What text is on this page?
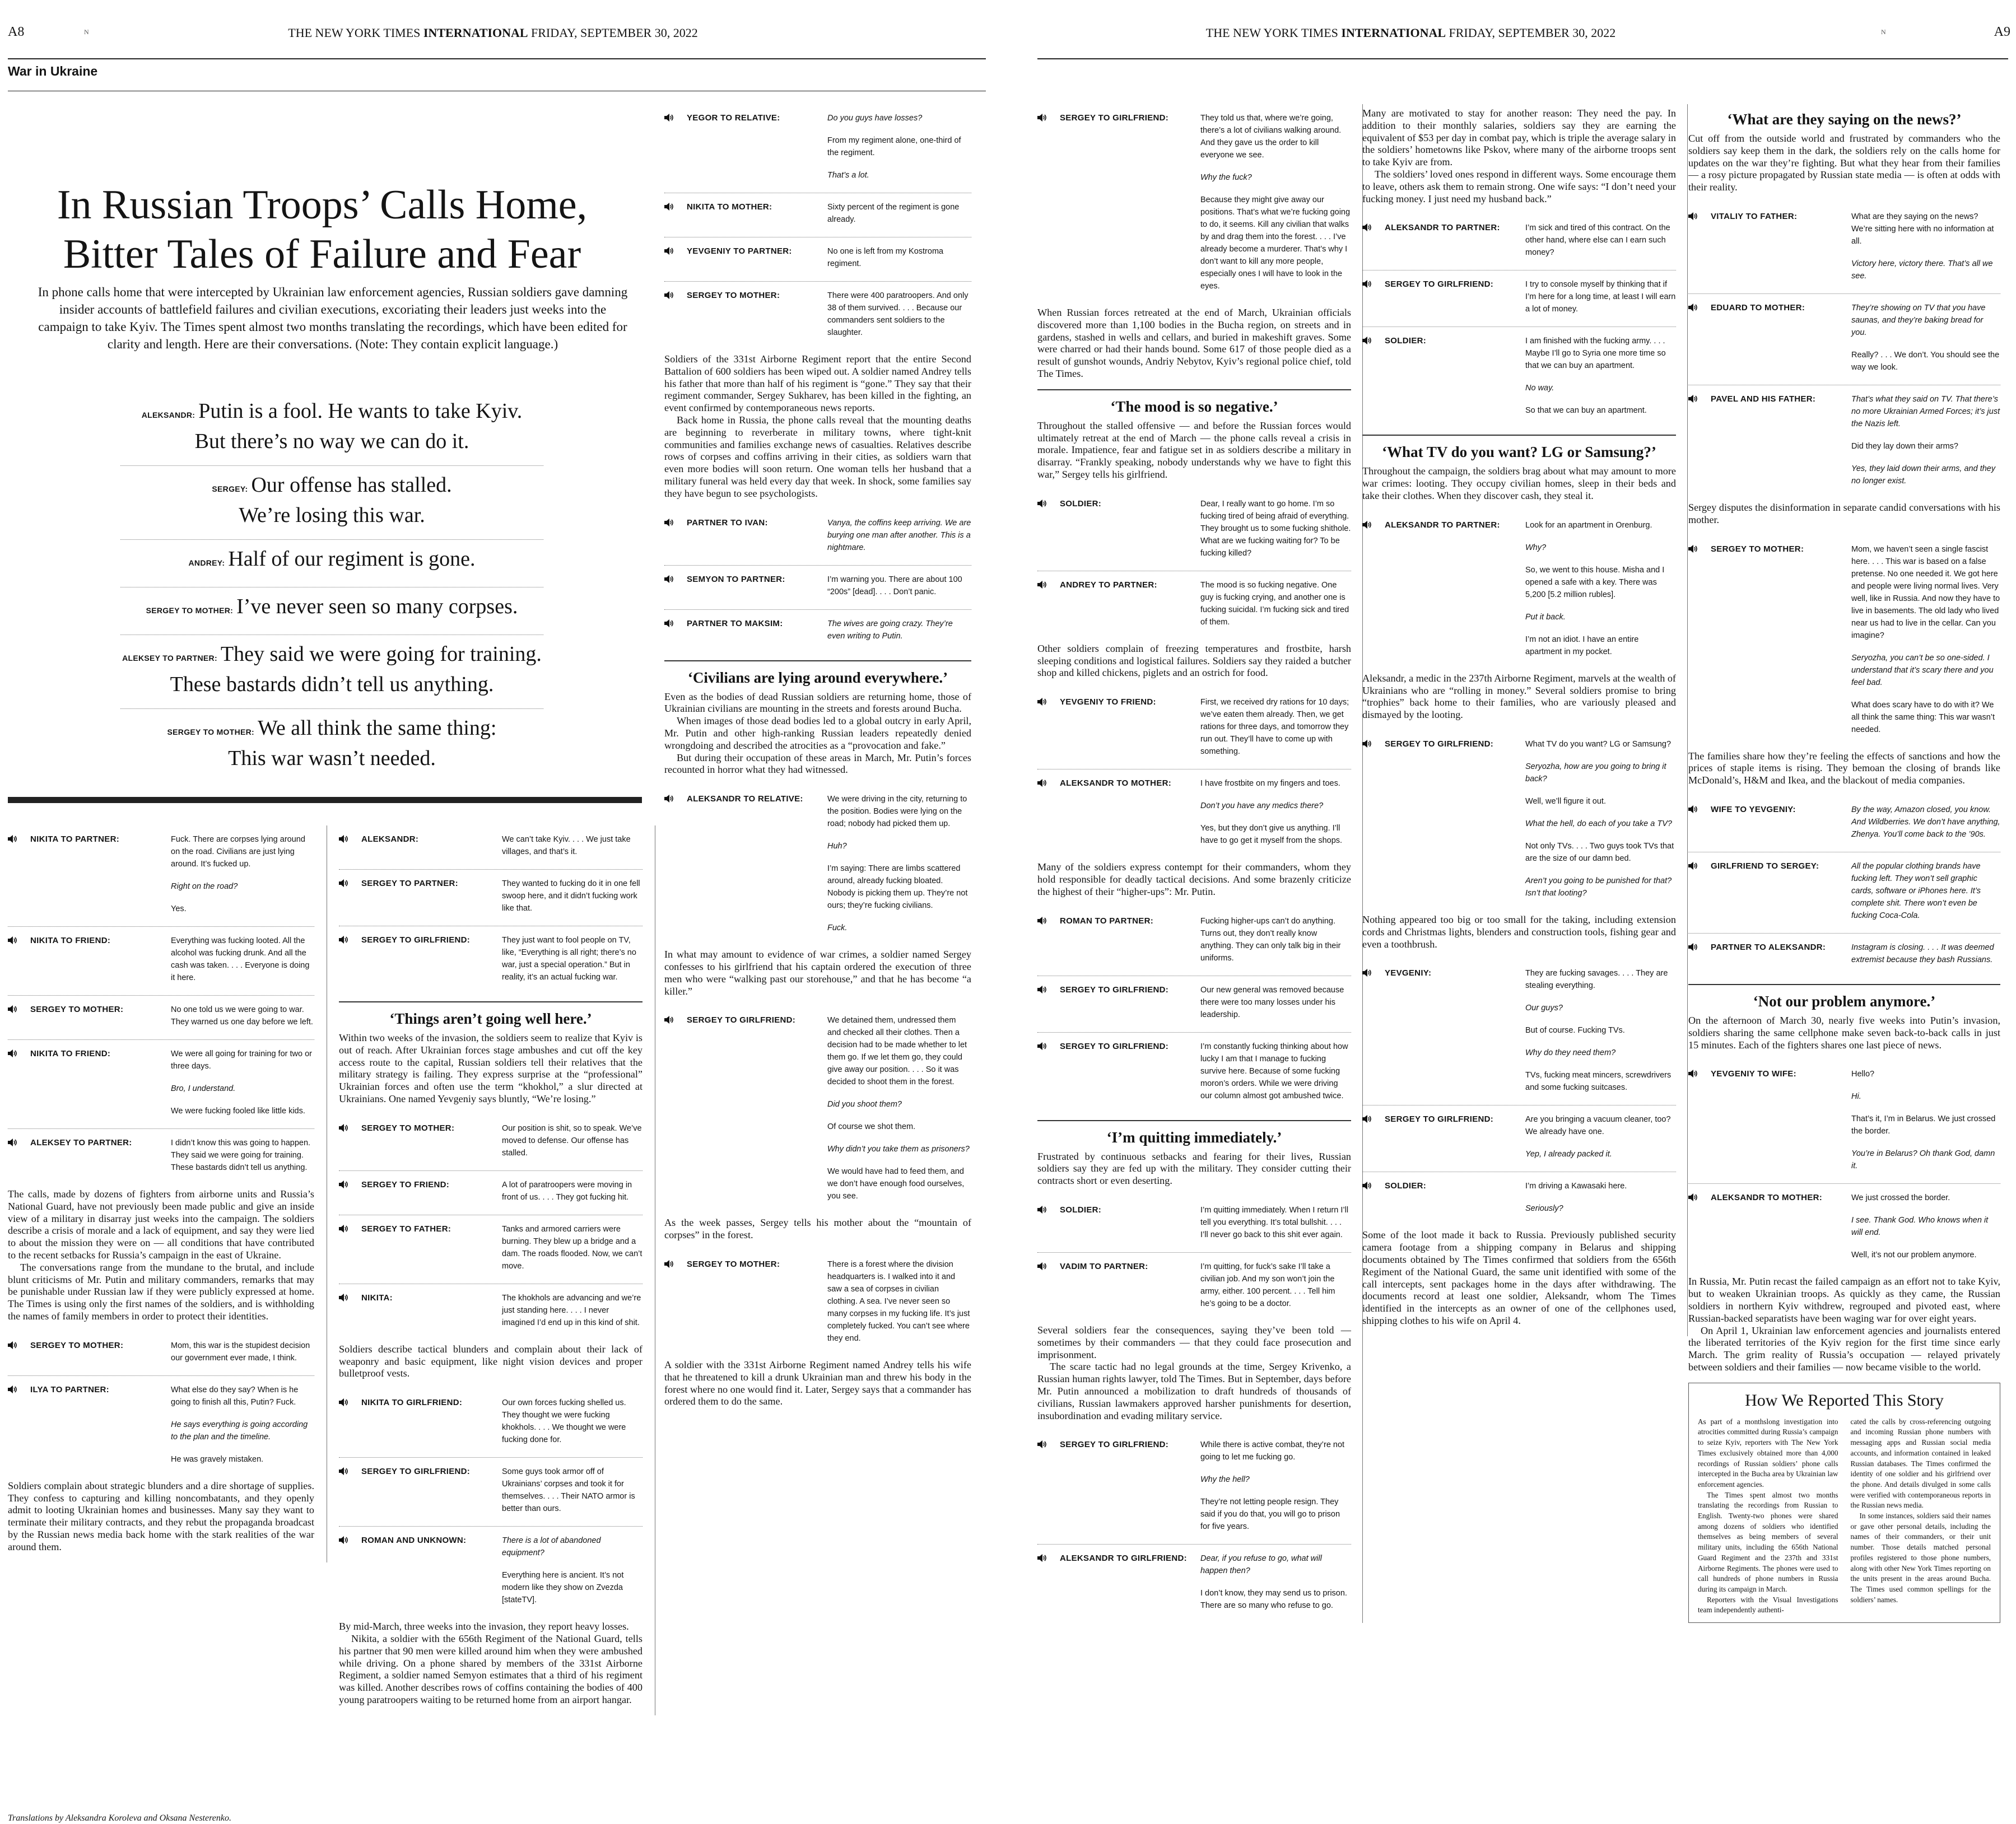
A8	N	THE NEW YORK TIMES INTERNATIONAL FRIDAY, SEPTEMBER 30, 2022
War in Ukraine
In Russian Troops’ Calls Home,
Bitter Tales of Failure and Fear

In phone calls home that were intercepted by Ukrainian law enforcement agencies, Russian soldiers gave damning insider accounts of battlefield failures and civilian executions, excoriating their leaders just weeks into the campaign to take Kyiv. The Times spent almost two months translating the recordings, which have been edited for clarity and length. Here are their conversations. (Note: They contain explicit language.)

ALEKSANDR: Putin is a fool. He wants to take Kyiv.
But there’s no way we can do it.
SERGEY: Our offense has stalled.
We’re losing this war.
ANDREY: Half of our regiment is gone.
SERGEY TO MOTHER: I’ve never seen so many corpses.
ALEKSEY TO PARTNER: They said we were going for training.
These bastards didn’t tell us anything.
SERGEY TO MOTHER: We all think the same thing:
This war wasn’t needed.
NIKITA TO PARTNER:	Fuck. There are corpses lying around on the road. Civilians are just lying around. It’s fucked up.

Right on the road?

Yes.

NIKITA TO FRIEND:	Everything was fucking looted. All the alcohol was fucking drunk. And all the cash was taken. . . . Everyone is doing it here.

SERGEY TO MOTHER:	No one told us we were going to war. They warned us one day before we left.

NIKITA TO FRIEND:	We were all going for training for two or three days.

Bro, I understand.

We were fucking fooled like little kids.

ALEKSEY TO PARTNER:	I didn’t know this was going to happen. They said we were going for training. These bastards didn’t tell us anything.

The calls, made by dozens of fighters from airborne units and Russia’s National Guard, have not previously been made public and give an inside view of a military in disarray just weeks into the campaign. The soldiers describe a crisis of morale and a lack of equipment, and say they were lied to about the mission they were on — all conditions that have contributed to the recent setbacks for Russia’s campaign in the east of Ukraine.

The conversations range from the mundane to the brutal, and include blunt criticisms of Mr. Putin and military commanders, remarks that may be punishable under Russian law if they were publicly expressed at home. The Times is using only the first names of the soldiers, and is withholding the names of family members in order to protect their identities.

SERGEY TO MOTHER:	Mom, this war is the stupidest decision our government ever made, I think.

ILYA TO PARTNER:	What else do they say? When is he going to finish all this, Putin? Fuck.

He says everything is going according to the plan and the timeline.

He was gravely mistaken.

Soldiers complain about strategic blunders and a dire shortage of supplies. They confess to capturing and killing noncombatants, and they openly admit to looting Ukrainian homes and businesses. Many say they want to terminate their military contracts, and they rebut the propaganda broadcast by the Russian news media back home with the stark realities of the war around them.

ALEKSANDR:	We can’t take Kyiv. . . . We just take villages, and that’s it.

SERGEY TO PARTNER:	They wanted to fucking do it in one fell swoop here, and it didn’t fucking work like that.

SERGEY TO GIRLFRIEND:	They just want to fool people on TV, like, “Everything is all right; there’s no war, just a special operation.” But in reality, it’s an actual fucking war.

‘Things aren’t going well here.’

Within two weeks of the invasion, the soldiers seem to realize that Kyiv is out of reach. After Ukrainian forces stage ambushes and cut off the key access route to the capital, Russian soldiers tell their relatives that the military strategy is failing. They express surprise at the “professional” Ukrainian forces and often use the term “khokhol,” a slur directed at Ukrainians. One named Yevgeniy says bluntly, “We’re losing.”

SERGEY TO MOTHER:	Our position is shit, so to speak. We’ve moved to defense. Our offense has stalled.

SERGEY TO FRIEND:	A lot of paratroopers were moving in front of us. . . . They got fucking hit.

SERGEY TO FATHER:	Tanks and armored carriers were burning. They blew up a bridge and a dam. The roads flooded. Now, we can’t move.

NIKITA:	The khokhols are advancing and we’re just standing here. . . . I never imagined I’d end up in this kind of shit.

Soldiers describe tactical blunders and complain about their lack of weaponry and basic equipment, like night vision devices and proper bulletproof vests.

NIKITA TO GIRLFRIEND:	Our own forces fucking shelled us. They thought we were fucking khokhols. . . . We thought we were fucking done for.

SERGEY TO GIRLFRIEND:	Some guys took armor off of Ukrainians’ corpses and took it for themselves. . . . Their NATO armor is better than ours.

ROMAN AND UNKNOWN:	There is a lot of abandoned equipment?

Everything here is ancient. It’s not modern like they show on Zvezda [stateTV].

By mid-March, three weeks into the invasion, they report heavy losses.

Nikita, a soldier with the 656th Regiment of the National Guard, tells his partner that 90 men were killed around him when they were ambushed while driving. On a phone shared by members of the 331st Airborne Regiment, a soldier named Semyon estimates that a third of his regiment was killed. Another describes rows of coffins containing the bodies of 400 young paratroopers waiting to be returned home from an airport hangar.

YEGOR TO RELATIVE:	Do you guys have losses?

From my regiment alone, one-third of the regiment.

That’s a lot.

NIKITA TO MOTHER:	Sixty percent of the regiment is gone already.

YEVGENIY TO PARTNER:	No one is left from my Kostroma regiment.

SERGEY TO MOTHER:	There were 400 paratroopers. And only 38 of them survived. . . . Because our commanders sent soldiers to the slaughter.

Soldiers of the 331st Airborne Regiment report that the entire Second Battalion of 600 soldiers has been wiped out. A soldier named Andrey tells his father that more than half of his regiment is “gone.” They say that their regiment commander, Sergey Sukharev, has been killed in the fighting, an event confirmed by contemporaneous news reports.

Back home in Russia, the phone calls reveal that the mounting deaths are beginning to reverberate in military towns, where tight-knit communities and families exchange news of casualties. Relatives describe rows of corpses and coffins arriving in their cities, as soldiers warn that even more bodies will soon return. One woman tells her husband that a military funeral was held every day that week. In shock, some families say they have begun to see psychologists.

PARTNER TO IVAN:	Vanya, the coffins keep arriving. We are burying one man after another. This is a nightmare.

SEMYON TO PARTNER:	I’m warning you. There are about 100 “200s” [dead]. . . . Don’t panic.

PARTNER TO MAKSIM:	The wives are going crazy. They’re even writing to Putin.

‘Civilians are lying around everywhere.’

Even as the bodies of dead Russian soldiers are returning home, those of Ukrainian civilians are mounting in the streets and forests around Bucha.

When images of those dead bodies led to a global outcry in early April, Mr. Putin and other high-ranking Russian leaders repeatedly denied wrongdoing and described the atrocities as a “provocation and fake.”

But during their occupation of these areas in March, Mr. Putin’s forces recounted in horror what they had witnessed.

ALEKSANDR TO RELATIVE:	We were driving in the city, returning to the position. Bodies were lying on the road; nobody had picked them up.

Huh?

I’m saying: There are limbs scattered around, already fucking bloated. Nobody is picking them up. They’re not ours; they’re fucking civilians.

Fuck.

In what may amount to evidence of war crimes, a soldier named Sergey confesses to his girlfriend that his captain ordered the execution of three men who were “walking past our storehouse,” and that he has become “a killer.”

SERGEY TO GIRLFRIEND:	We detained them, undressed them and checked all their clothes. Then a decision had to be made whether to let them go. If we let them go, they could give away our position. . . . So it was decided to shoot them in the forest.

Did you shoot them?

Of course we shot them.

Why didn’t you take them as prisoners?

We would have had to feed them, and we don’t have enough food ourselves, you see.

As the week passes, Sergey tells his mother about the “mountain of corpses” in the forest.

SERGEY TO MOTHER:	There is a forest where the division headquarters is. I walked into it and saw a sea of corpses in civilian clothing. A sea. I’ve never seen so many corpses in my fucking life. It’s just completely fucked. You can’t see where they end.

A soldier with the 331st Airborne Regiment named Andrey tells his wife that he threatened to kill a drunk Ukrainian man and threw his body in the forest where no one would find it. Later, Sergey says that a commander has ordered them to do the same.

Translations by Aleksandra Koroleva and Oksana Nesterenko.
THE NEW YORK TIMES INTERNATIONAL FRIDAY, SEPTEMBER 30, 2022	N	A9
SERGEY TO GIRLFRIEND:	They told us that, where we’re going, there’s a lot of civilians walking around. And they gave us the order to kill everyone we see.

Why the fuck?

Because they might give away our positions. That’s what we’re fucking going to do, it seems. Kill any civilian that walks by and drag them into the forest. . . . I’ve already become a murderer. That’s why I don’t want to kill any more people, especially ones I will have to look in the eyes.

When Russian forces retreated at the end of March, Ukrainian officials discovered more than 1,100 bodies in the Bucha region, on streets and in gardens, stashed in wells and cellars, and buried in makeshift graves. Some were charred or had their hands bound. Some 617 of those people died as a result of gunshot wounds, Andriy Nebytov, Kyiv’s regional police chief, told The Times.

‘The mood is so negative.’

Throughout the stalled offensive — and before the Russian forces would ultimately retreat at the end of March — the phone calls reveal a crisis in morale. Impatience, fear and fatigue set in as soldiers describe a military in disarray. “Frankly speaking, nobody understands why we have to fight this war,” Sergey tells his girlfriend.

SOLDIER:	Dear, I really want to go home. I’m so fucking tired of being afraid of everything. They brought us to some fucking shithole. What are we fucking waiting for? To be fucking killed?

ANDREY TO PARTNER:	The mood is so fucking negative. One guy is fucking crying, and another one is fucking suicidal. I’m fucking sick and tired of them.

Other soldiers complain of freezing temperatures and frostbite, harsh sleeping conditions and logistical failures. Soldiers say they raided a butcher shop and killed chickens, piglets and an ostrich for food.

YEVGENIY TO FRIEND:	First, we received dry rations for 10 days; we’ve eaten them already. Then, we get rations for three days, and tomorrow they run out. They’ll have to come up with something.

ALEKSANDR TO MOTHER:	I have frostbite on my fingers and toes.

Don’t you have any medics there?

Yes, but they don’t give us anything. I’ll have to go get it myself from the shops.

Many of the soldiers express contempt for their commanders, whom they hold responsible for deadly tactical decisions. And some brazenly criticize the highest of their “higher-ups”: Mr. Putin.

ROMAN TO PARTNER:	Fucking higher-ups can’t do anything. Turns out, they don’t really know anything. They can only talk big in their uniforms.

SERGEY TO GIRLFRIEND:	Our new general was removed because there were too many losses under his leadership.

SERGEY TO GIRLFRIEND:	I’m constantly fucking thinking about how lucky I am that I manage to fucking survive here. Because of some fucking moron’s orders. While we were driving our column almost got ambushed twice.

‘I’m quitting immediately.’

Frustrated by continuous setbacks and fearing for their lives, Russian soldiers say they are fed up with the military. They consider cutting their contracts short or even deserting.

SOLDIER:	I’m quitting immediately. When I return I’ll tell you everything. It’s total bullshit. . . . I’ll never go back to this shit ever again.

VADIM TO PARTNER:	I’m quitting, for fuck’s sake I’ll take a civilian job. And my son won’t join the army, either. 100 percent. . . . Tell him he’s going to be a doctor.

Several soldiers fear the consequences, saying they’ve been told — sometimes by their commanders — that they could face prosecution and imprisonment.

The scare tactic had no legal grounds at the time, Sergey Krivenko, a Russian human rights lawyer, told The Times. But in September, days before Mr. Putin announced a mobilization to draft hundreds of thousands of civilians, Russian lawmakers approved harsher punishments for desertion, insubordination and evading military service.

SERGEY TO GIRLFRIEND:	While there is active combat, they’re not going to let me fucking go.

Why the hell?

They’re not letting people resign. They said if you do that, you will go to prison for five years.

ALEKSANDR TO GIRLFRIEND: Dear, if you refuse to go, what will happen then?

I don’t know, they may send us to prison. There are so many who refuse to go.

Many are motivated to stay for another reason: They need the pay. In addition to their monthly salaries, soldiers say they are earning the equivalent of $53 per day in combat pay, which is triple the average salary in the soldiers’ hometowns like Pskov, where many of the airborne troops sent to take Kyiv are from.

The soldiers’ loved ones respond in different ways. Some encourage them to leave, others ask them to remain strong. One wife says: “I don’t need your fucking money. I just need my husband back.”

ALEKSANDR TO PARTNER:	I’m sick and tired of this contract. On the other hand, where else can I earn such money?

SERGEY TO GIRLFRIEND:	I try to console myself by thinking that if I’m here for a long time, at least I will earn a lot of money.

SOLDIER:	I am finished with the fucking army. . . . Maybe I’ll go to Syria one more time so that we can buy an apartment.

No way.

So that we can buy an apartment.

‘What TV do you want? LG or Samsung?’

Throughout the campaign, the soldiers brag about what may amount to more war crimes: looting. They occupy civilian homes, sleep in their beds and take their clothes. When they discover cash, they steal it.

ALEKSANDR TO PARTNER:	Look for an apartment in Orenburg.

Why?

So, we went to this house. Misha and I opened a safe with a key. There was 5,200 [5.2 million rubles].

Put it back.

I’m not an idiot. I have an entire apartment in my pocket.

Aleksandr, a medic in the 237th Airborne Regiment, marvels at the wealth of Ukrainians who are “rolling in money.” Several soldiers promise to bring “trophies” back home to their families, who are variously pleased and dismayed by the looting.

SERGEY TO GIRLFRIEND:	What TV do you want? LG or Samsung?

Seryozha, how are you going to bring it back?

Well, we’ll figure it out.

What the hell, do each of you take a TV?

Not only TVs. . . . Two guys took TVs that are the size of our damn bed.

Aren’t you going to be punished for that? Isn’t that looting?

Nothing appeared too big or too small for the taking, including extension cords and Christmas lights, blenders and construction tools, fishing gear and even a toothbrush.

YEVGENIY:	They are fucking savages. . . . They are stealing everything.

Our guys?

But of course. Fucking TVs.

Why do they need them?

TVs, fucking meat mincers, screwdrivers and some fucking suitcases.

SERGEY TO GIRLFRIEND:	Are you bringing a vacuum cleaner, too? We already have one.

Yep, I already packed it.

SOLDIER:	I’m driving a Kawasaki here.

Seriously?

Some of the loot made it back to Russia. Previously published security camera footage from a shipping company in Belarus and shipping documents obtained by The Times confirmed that soldiers from the 656th Regiment of the National Guard, the same unit identified with some of the call intercepts, sent packages home in the days after withdrawing. The documents record at least one soldier, Aleksandr, whom The Times identified in the intercepts as an owner of one of the cellphones used, shipping clothes to his wife on April 4.

‘What are they saying on the news?’

Cut off from the outside world and frustrated by commanders who the soldiers say keep them in the dark, the soldiers rely on the calls home for updates on the war they’re fighting. But what they hear from their families — a rosy picture propagated by Russian state media — is often at odds with their reality.

VITALIY TO FATHER:	What are they saying on the news? We’re sitting here with no information at all.

Victory here, victory there. That’s all we see.

EDUARD TO MOTHER:	They’re showing on TV that you have saunas, and they’re baking bread for you.

Really? . . . We don’t. You should see the way we look.

PAVEL AND HIS FATHER:	That’s what they said on TV. That there’s no more Ukrainian Armed Forces; it’s just the Nazis left.

Did they lay down their arms?

Yes, they laid down their arms, and they no longer exist.

Sergey disputes the disinformation in separate candid conversations with his mother.

SERGEY TO MOTHER:	Mom, we haven’t seen a single fascist here. . . . This war is based on a false pretense. No one needed it. We got here and people were living normal lives. Very well, like in Russia. And now they have to live in basements. The old lady who lived near us had to live in the cellar. Can you imagine?

Seryozha, you can’t be so one-sided. I understand that it’s scary there and you feel bad.

What does scary have to do with it? We all think the same thing: This war wasn’t needed.

The families share how they’re feeling the effects of sanctions and how the prices of staple items is rising. They bemoan the closing of brands like McDonald’s, H&M and Ikea, and the blackout of media companies.

WIFE TO YEVGENIY:	By the way, Amazon closed, you know. And Wildberries. We don’t have anything, Zhenya. You’ll come back to the ’90s.

GIRLFRIEND TO SERGEY:	All the popular clothing brands have fucking left. They won’t sell graphic cards, software or iPhones here. It’s complete shit. There won’t even be fucking Coca-Cola.

PARTNER TO ALEKSANDR:	Instagram is closing. . . . It was deemed extremist because they bash Russians.

‘Not our problem anymore.’

On the afternoon of March 30, nearly five weeks into Putin’s invasion, soldiers sharing the same cellphone make seven back-to-back calls in just 15 minutes. Each of the fighters shares one last piece of news.

YEVGENIY TO WIFE:	Hello?

Hi.

That’s it, I’m in Belarus. We just crossed the border.

You’re in Belarus? Oh thank God, damn it.

ALEKSANDR TO MOTHER:	We just crossed the border.

I see. Thank God. Who knows when it will end.

Well, it’s not our problem anymore.

In Russia, Mr. Putin recast the failed campaign as an effort not to take Kyiv, but to weaken Ukrainian troops. As quickly as they came, the Russian soldiers in northern Kyiv withdrew, regrouped and pivoted east, where Russian-backed separatists have been waging war for over eight years.

On April 1, Ukrainian law enforcement agencies and journalists entered the liberated territories of the Kyiv region for the first time since early March. The grim reality of Russia’s occupation — relayed privately between soldiers and their families — now became visible to the world.

How We Reported This Story

As part of a monthslong investigation into atrocities committed during Russia’s campaign to seize Kyiv, reporters with The New York Times exclusively obtained more than 4,000 recordings of Russian soldiers’ phone calls intercepted in the Bucha area by Ukrainian law enforcement agencies.

The Times spent almost two months translating the recordings from Russian to English. Twenty-two phones were shared among dozens of soldiers who identified themselves as being members of several military units, including the 656th National Guard Regiment and the 237th and 331st Airborne Regiments. The phones were used to call hundreds of phone numbers in Russia during its campaign in March.

Reporters with the Visual Investigations team independently authenti-

cated the calls by cross-referencing outgoing and incoming Russian phone numbers with messaging apps and Russian social media accounts, and information contained in leaked Russian databases. The Times confirmed the identity of one soldier and his girlfriend over the phone. And details divulged in some calls were verified with contemporaneous reports in the Russian news media.

In some instances, soldiers said their names or gave other personal details, including the names of their commanders, or their unit number. Those details matched personal profiles registered to those phone numbers, along with other New York Times reporting on the units present in the areas around Bucha. The Times used common spellings for the soldiers’ names.
